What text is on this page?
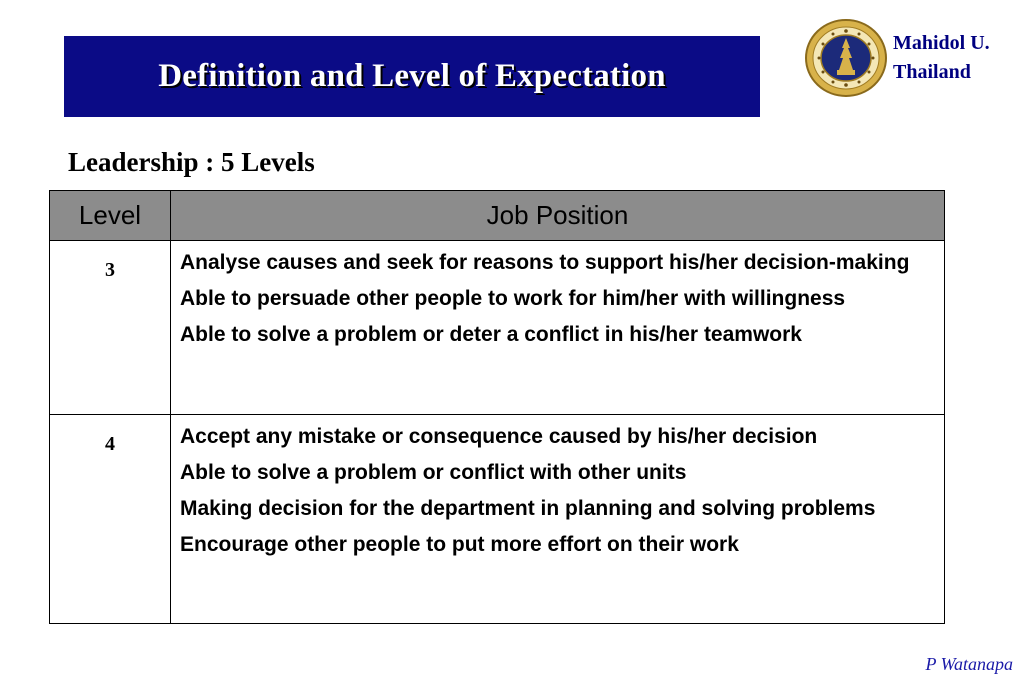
Definition and Level of Expectation
Mahidol U.
Thailand
Leadership : 5 Levels
Level	Job Position
3	Analyse causes and seek for reasons to support his/her decision-making
Able to persuade other people to work for him/her with willingness
Able to solve a problem or deter a conflict in his/her teamwork

4	Accept any mistake or consequence caused by his/her decision
Able to solve a problem or conflict with other units
Making decision for the department in planning and solving problems
Encourage other people to put more effort on their work
P Watanapa
